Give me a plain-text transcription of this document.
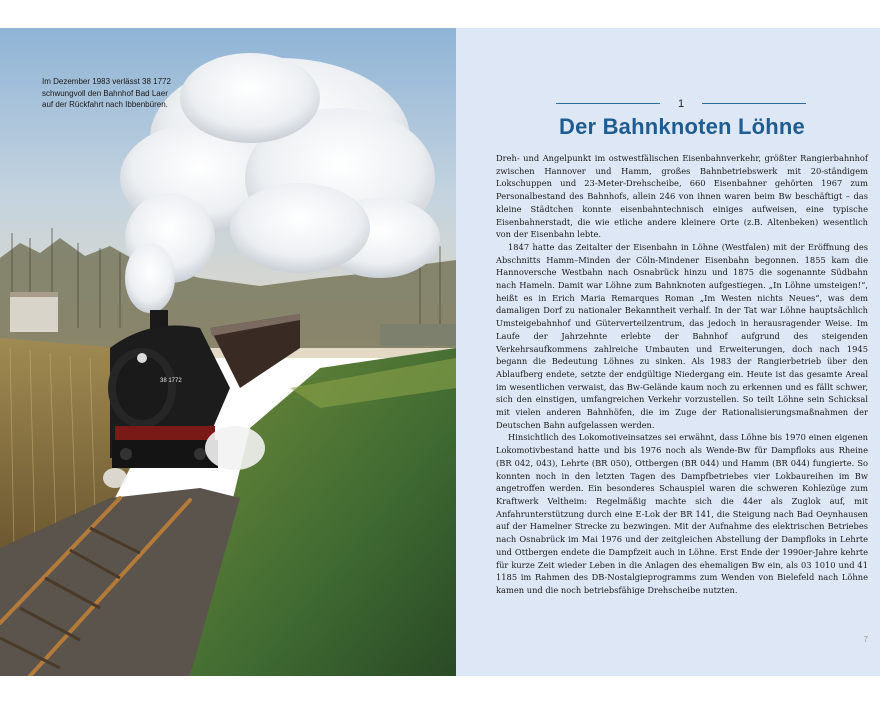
38 1772
Im Dezember 1983 verlässt 38 1772
schwungvoll den Bahnhof Bad Laer
auf der Rückfahrt nach Ibbenbüren.	1
Der Bahnknoten Löhne

Dreh- und Angelpunkt im ostwestfälischen Eisenbahnverkehr, größter Rangierbahnhof zwischen Hannover und Hamm, großes Bahnbetriebswerk mit 20-ständigem Lokschuppen und 23-Meter-Drehscheibe, 660 Eisenbahner gehörten 1967 zum Personalbestand des Bahnhofs, allein 246 von ihnen waren beim Bw beschäftigt – das kleine Städtchen konnte eisenbahntechnisch einiges aufweisen, eine typische Eisenbahnerstadt, die wie etliche andere kleinere Orte (z.B. Altenbeken) wesentlich von der Eisenbahn lebte.

1847 hatte das Zeitalter der Eisenbahn in Löhne (Westfalen) mit der Eröffnung des Abschnitts Hamm–Minden der Cöln-Mindener Eisenbahn begonnen. 1855 kam die Hannoversche Westbahn nach Osnabrück hinzu und 1875 die sogenannte Südbahn nach Hameln. Damit war Löhne zum Bahnknoten aufgestiegen. „In Löhne umsteigen!“, heißt es in Erich Maria Remarques Roman „Im Westen nichts Neues“, was dem damaligen Dorf zu nationaler Bekanntheit verhalf. In der Tat war Löhne hauptsächlich Umsteigebahnhof und Güterverteilzentrum, das jedoch in herausragender Weise. Im Laufe der Jahrzehnte erlebte der Bahnhof aufgrund des steigenden Verkehrsaufkommens zahlreiche Umbauten und Erweiterungen, doch nach 1945 begann die Bedeutung Löhnes zu sinken. Als 1983 der Rangierbetrieb über den Ablaufberg endete, setzte der endgültige Niedergang ein. Heute ist das gesamte Areal im wesentlichen verwaist, das Bw-Gelände kaum noch zu erkennen und es fällt schwer, sich den einstigen, umfangreichen Verkehr vorzustellen. So teilt Löhne sein Schicksal mit vielen anderen Bahnhöfen, die im Zuge der Rationalisierungsmaßnahmen der Deutschen Bahn aufgelassen werden.

Hinsichtlich des Lokomotiveinsatzes sei erwähnt, dass Löhne bis 1970 einen eigenen Lokomotivbestand hatte und bis 1976 noch als Wende-Bw für Dampfloks aus Rheine (BR 042, 043), Lehrte (BR 050), Ottbergen (BR 044) und Hamm (BR 044) fungierte. So konnten noch in den letzten Tagen des Dampfbetriebes vier Lokbaureihen im Bw angetroffen werden. Ein besonderes Schauspiel waren die schweren Kohlezüge zum Kraftwerk Veltheim: Regelmäßig machte sich die 44er als Zuglok auf, mit Anfahrunterstützung durch eine E-Lok der BR 141, die Steigung nach Bad Oeynhausen auf der Hamelner Strecke zu bezwingen. Mit der Aufnahme des elektrischen Betriebes nach Osnabrück im Mai 1976 und der zeitgleichen Abstellung der Dampfloks in Lehrte und Ottbergen endete die Dampfzeit auch in Löhne. Erst Ende der 1990er-Jahre kehrte für kurze Zeit wieder Leben in die Anlagen des ehemaligen Bw ein, als 03 1010 und 41 1185 im Rahmen des DB-Nostalgieprogramms zum Wenden von Bielefeld nach Löhne kamen und die noch betriebsfähige Drehscheibe nutzten.

7
